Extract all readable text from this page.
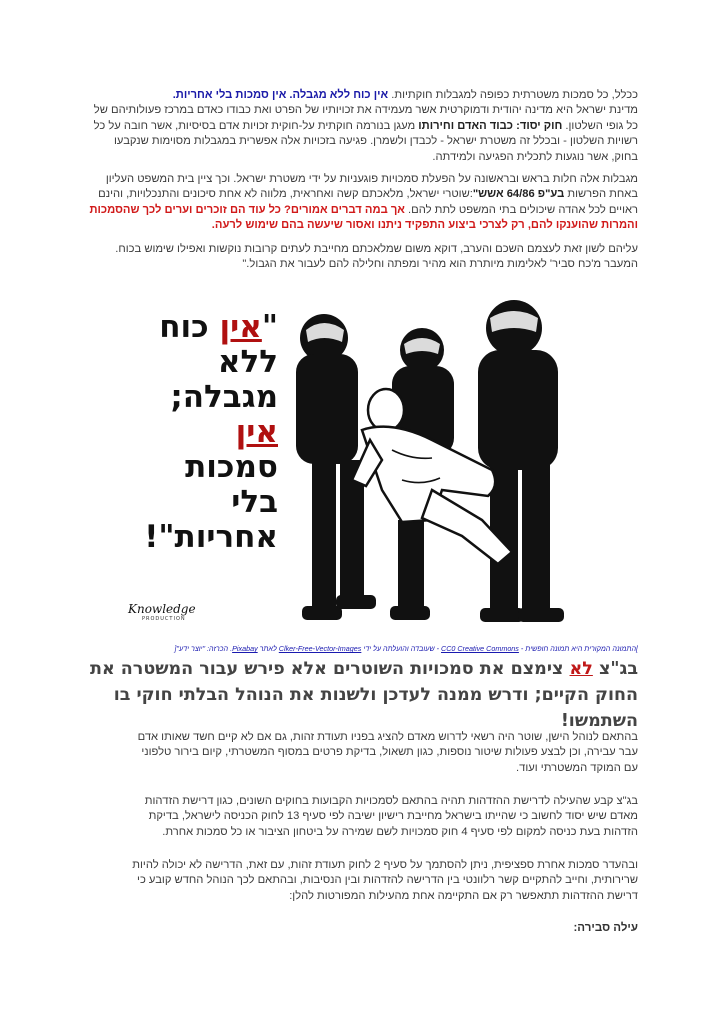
ככלל, כל סמכות משטרתית כפופה למגבלות חוקתיות. אין כוח ללא מגבלה. אין סמכות בלי אחריות.
מדינת ישראל היא מדינה יהודית ודמוקרטית אשר מעמידה את זכויותיו של הפרט ואת כבודו כאדם במרכז פעולותיהם של
כל גופי השלטון. חוק יסוד: כבוד האדם וחירותו מעגן בנורמה חוקתית על-חוקית זכויות אדם בסיסיות, אשר חובה על כל
רשויות השלטון - ובכלל זה משטרת ישראל - לכבדן ולשמרן. פגיעה בזכויות אלה אפשרית במגבלות מסוימות שנקבעו
בחוק, אשר נוגעות לתכלית הפגיעה ולמידתה.

מגבלות אלה חלות בראש ובראשונה על הפעלת סמכויות פוגעניות על ידי משטרת ישראל. וכך ציין בית המשפט העליון
באחת הפרשות בע"פ 64/86 אשש":שוטרי ישראל, מלאכתם קשה ואחראית, מלווה לא אחת סיכונים והתנכלויות, והינם
ראויים לכל אהדה שיכולים בתי המשפט לתת להם. אך במה דברים אמורים? כל עוד הם זוכרים וערים לכך שהסמכות
והמרות שהוענקו להם, רק לצרכי ביצוע התפקיד ניתנו ואסור שיעשה בהם שימוש לרעה.

עליהם לשון זאת לעצמם השכם והערב, דוקא משום שמלאכתם מחייבת לעתים קרובות נוקשות ואפילו שימוש בכוח.
המעבר מ'כח סביר' לאלימות מיותרת הוא מהיר ומפתה וחלילה להם לעבור את הגבול."

בהתאם לנוהל הישן, שוטר היה רשאי לדרוש מאדם להציג בפניו תעודת זהות, גם אם לא קיים חשד שאותו אדם
עבר עבירה, וכן לבצע פעולות שיטור נוספות, כגון תשאול, בדיקת פרטים במסוף המשטרתי, קיום בירור טלפוני
עם המוקד המשטרתי ועוד.

בג"צ קבע שהעילה לדרישת ההזדהות תהיה בהתאם לסמכויות הקבועות בחוקים השונים, כגון דרישת הזדהות
מאדם שיש יסוד לחשוב כי שהייתו בישראל מחייבת רישיון ישיבה לפי סעיף 13 לחוק הכניסה לישראל, בדיקת
הזדהות בעת כניסה למקום לפי סעיף 4 חוק סמכויות לשם שמירה על ביטחון הציבור או כל סמכות אחרת.

ובהעדר סמכות אחרת ספציפית, ניתן להסתמך על סעיף 2 לחוק תעודת זהות, עם זאת, הדרישה לא יכולה להיות
שרירותית, וחייב להתקיים קשר רלוונטי בין הדרישה להזדהות ובין הנסיבות, ובהתאם לכך הנוהל החדש קובע כי
דרישת ההזדהות תתאפשר רק אם התקיימה אחת מהעילות המפורטות להלן:

עילה סבירה:
"אין כוח
ללא
מגבלה;
אין
סמכות
בלי
אחריות"!
Knowledge
PRODUCTION
]התמונה המקורית היא תמונה חופשית - CC0 Creative Commons - שעובדה והועלתה על ידי Clker-Free-Vector-Images לאתר Pixabay. הכרזה: "יוצר ידע"[
בג"צ לא צימצם את סמכויות השוטרים אלא פירש עבור המשטרה את החוק הקיים; ודרש ממנה לעדכן ולשנות את הנוהל הבלתי חוקי בו השתמשו!
